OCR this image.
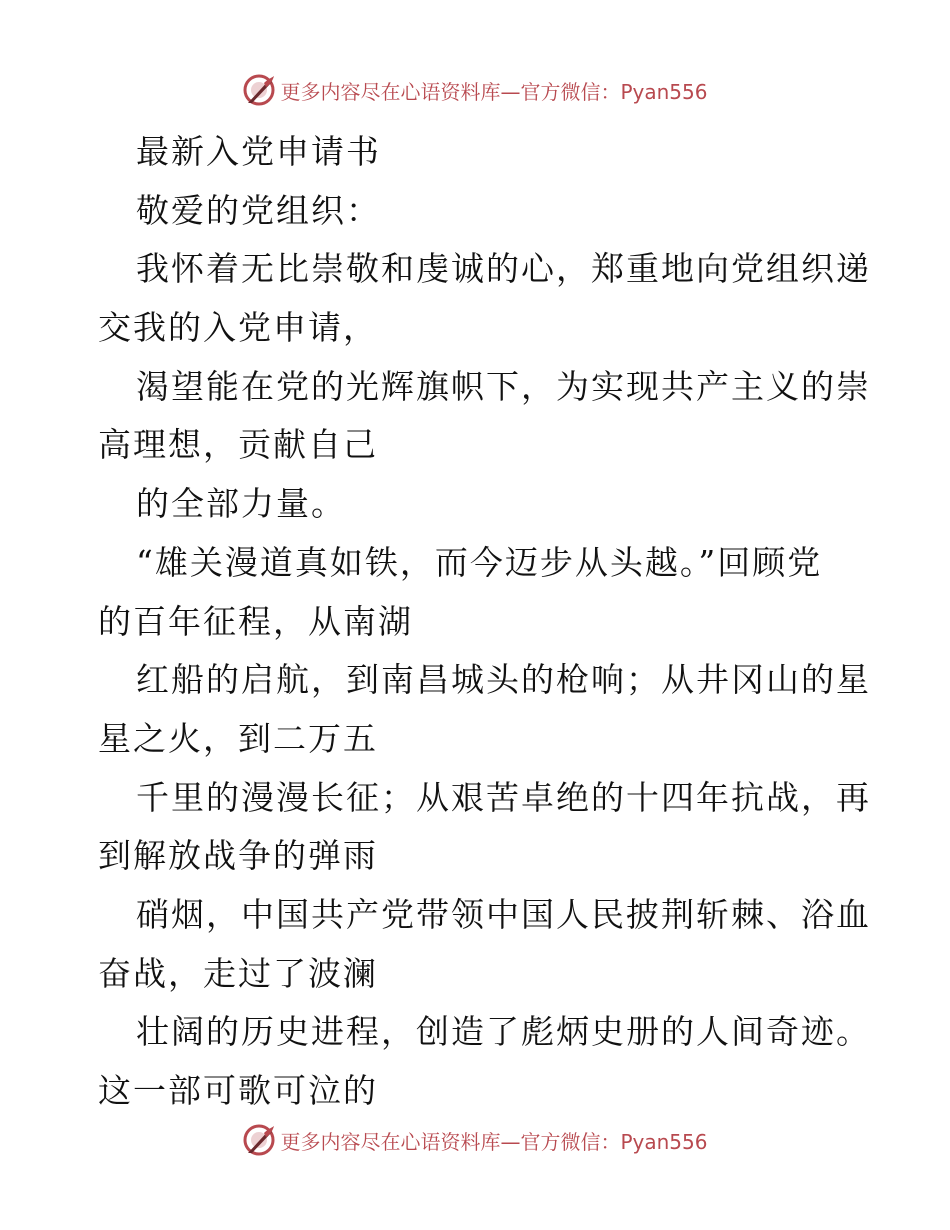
更多内容尽在心语资料库—官方微信：Pyan556
最新入党申请书
敬爱的党组织：
我怀着无比崇敬和虔诚的心，郑重地向党组织递
交我的入党申请，
渴望能在党的光辉旗帜下，为实现共产主义的崇
高理想，贡献自己
的全部力量。
“雄关漫道真如铁，而今迈步从头越。”回顾党
的百年征程，从南湖
红船的启航，到南昌城头的枪响；从井冈山的星
星之火，到二万五
千里的漫漫长征；从艰苦卓绝的十四年抗战，再
到解放战争的弹雨
硝烟，中国共产党带领中国人民披荆斩棘、浴血
奋战，走过了波澜
壮阔的历史进程，创造了彪炳史册的人间奇迹。
这一部可歌可泣的
更多内容尽在心语资料库—官方微信：Pyan556
